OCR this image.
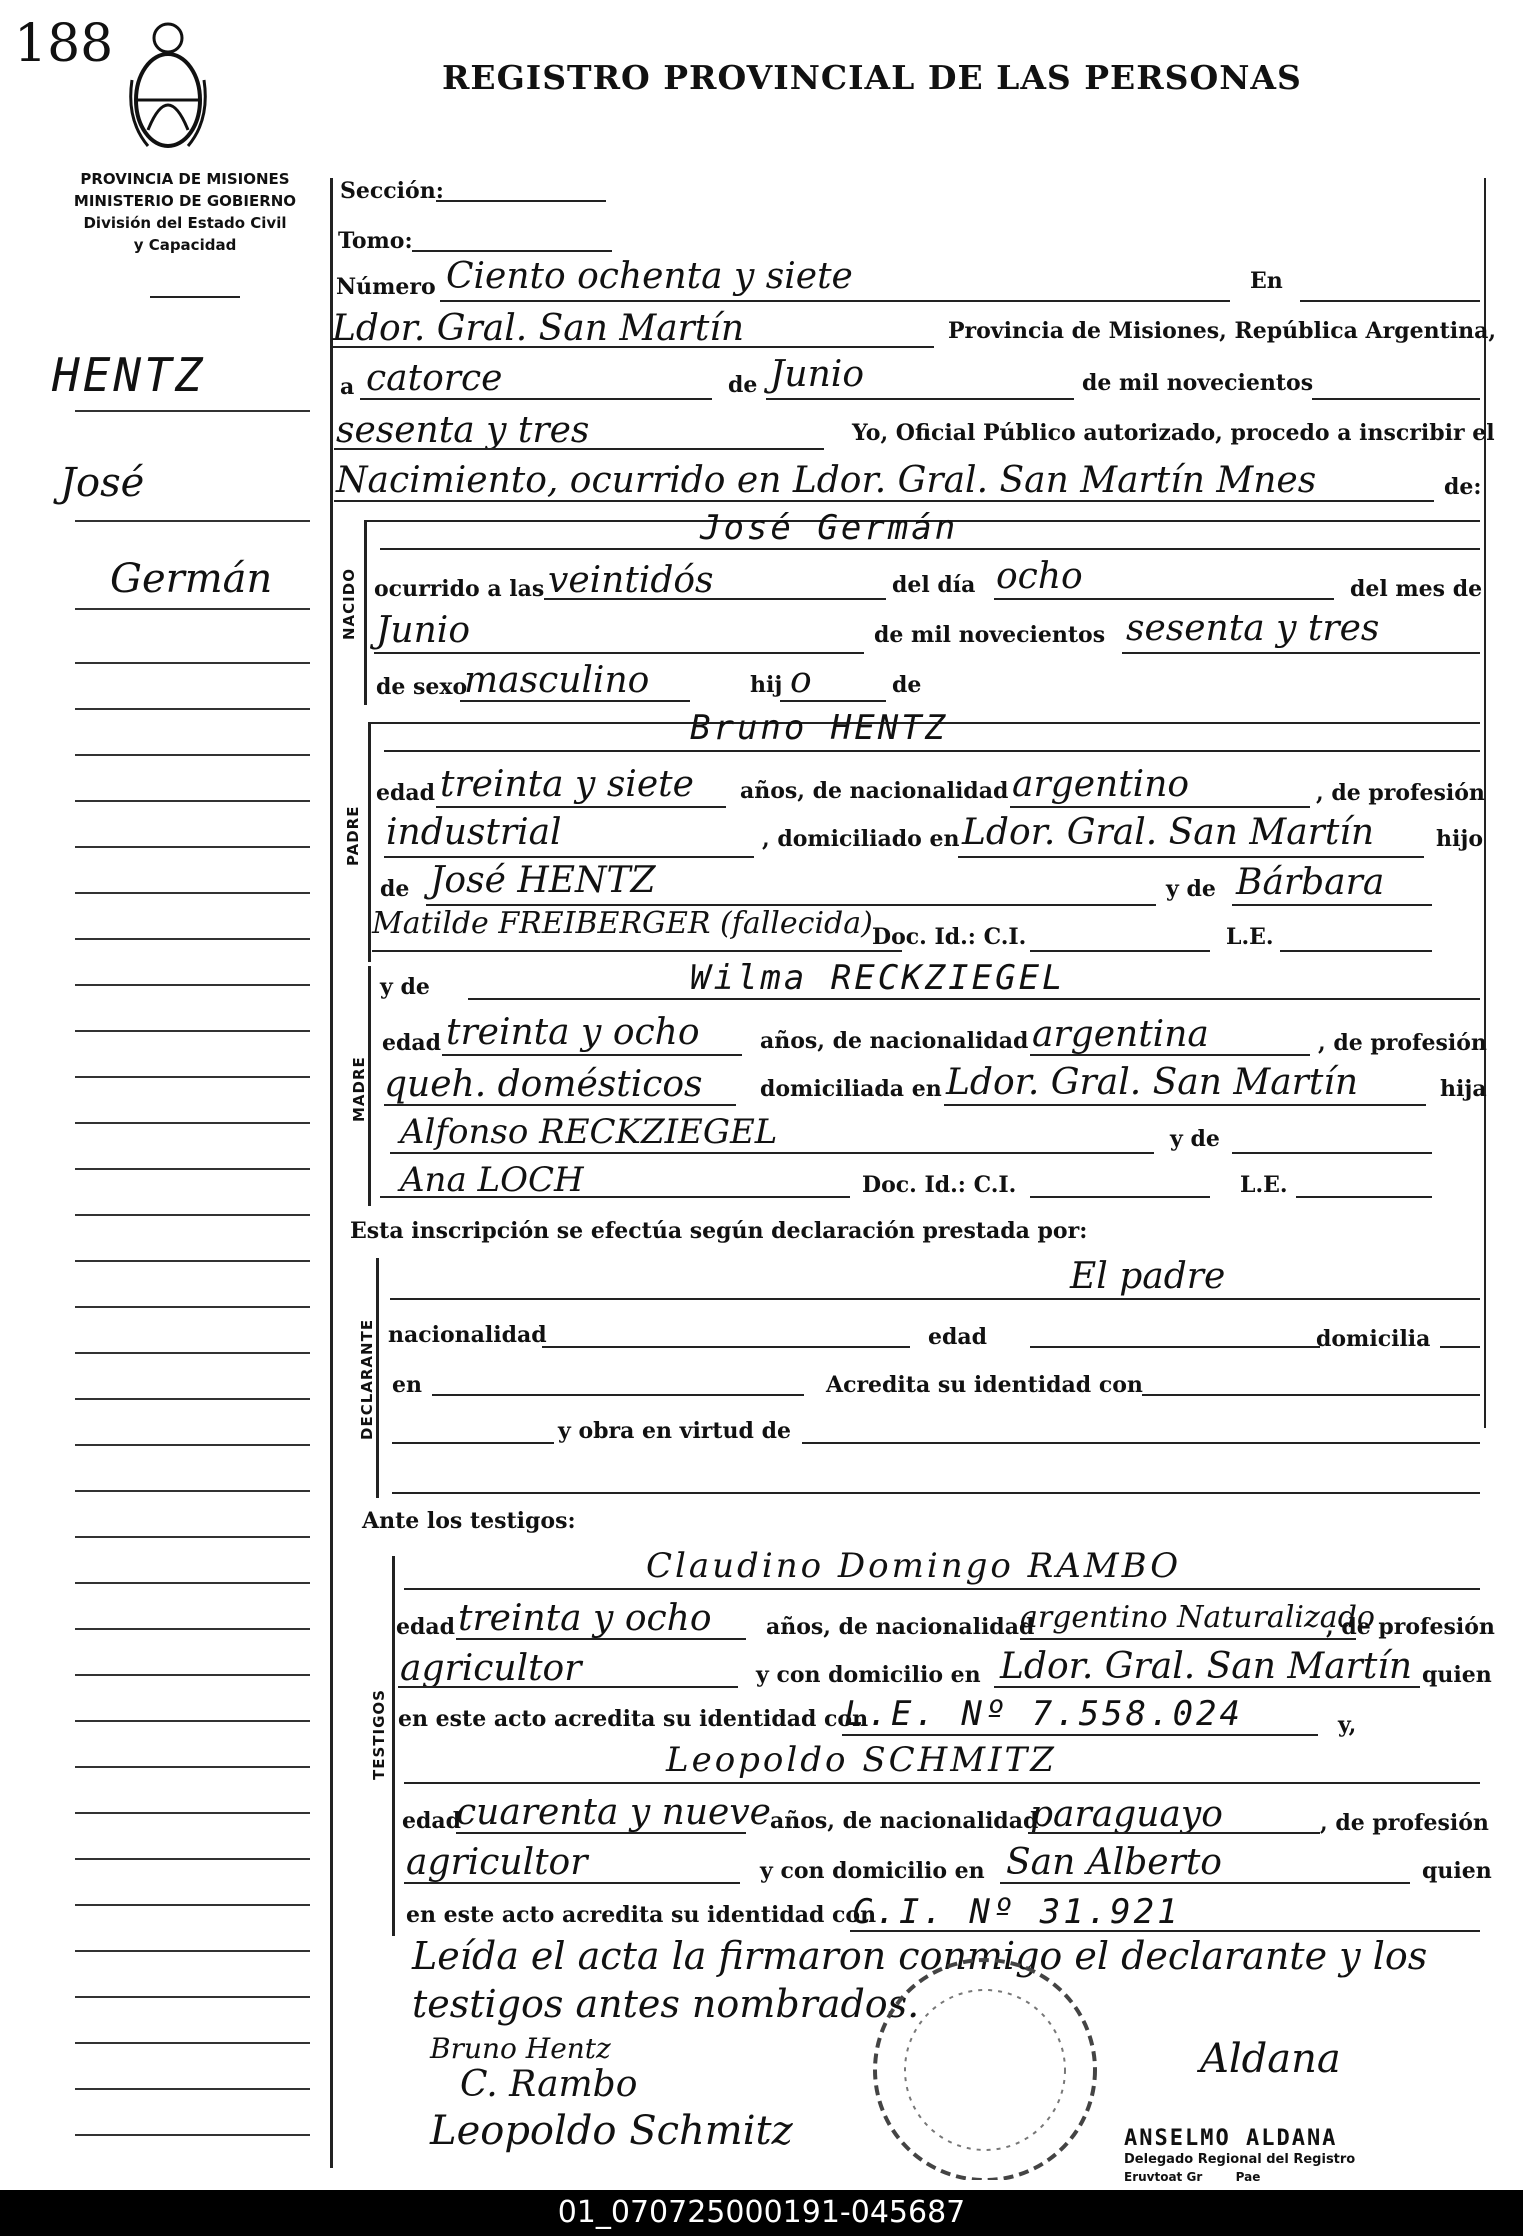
188
REGISTRO PROVINCIAL DE LAS PERSONAS
PROVINCIA DE MISIONES
MINISTERIO DE GOBIERNO
División del Estado Civil
y Capacidad
HENTZ
José
Germán
Sección:
Tomo:
Número Ciento ochenta y siete	En
Ldor. Gral. San Martín	Provincia de Misiones, República Argentina,
a catorce	de Junio	de mil novecientos
sesenta y tres	Yo, Oficial Público autorizado, procedo a inscribir el
Nacimiento, ocurrido en Ldor. Gral. San Martín Mnes	de:
NACIDO
José Germán
ocurrido a las veintidós	del día ocho	del mes de
Junio	de mil novecientos sesenta y tres
de sexo
masculino	hij o	de
PADRE
Bruno HENTZ
edad treinta y siete años, de nacionalidad argentino	, de profesión
industrial	, domiciliado en Ldor. Gral. San Martín	hijo
de José HENTZ	y de Bárbara
Matilde FREIBERGER (fallecida) Doc. Id.: C.I.	L.E.
MADRE
y de	Wilma RECKZIEGEL
edad treinta y ocho	años, de nacionalidad argentina	, de profesión
queh. domésticos	domiciliada en Ldor. Gral. San Martín	hija
Alfonso RECKZIEGEL	y de
Ana LOCH	Doc. Id.: C.I.	L.E.
Esta inscripción se efectúa según declaración prestada por:
DECLARANTE
El padre
nacionalidad	edad	domicilia
en	Acredita su identidad con
y obra en virtud de
Ante los testigos:
TESTIGOS
Claudino Domingo RAMBO
edad treinta y ocho años, de nacionalidad
argentino Naturalizado
, de profesión
agricultor	y con domicilio en Ldor. Gral. San Martín quien
en este acto acredita su identidad con
L.E. Nº 7.558.024	y,
Leopoldo SCHMITZ
edad
cuarenta y nueve años, de nacionalidad
paraguayo	, de profesión
agricultor	y con domicilio en San Alberto	quien
en este acto acredita su identidad con
C.I. Nº 31.921
Leída el acta la firmaron conmigo el declarante y los
testigos antes nombrados.
Bruno Hentz
C. Rambo
Leopoldo Schmitz
Aldana
ANSELMO ALDANA
Delegado Regional del Registro
Eruvtoat Gr        Pae
01_070725000191-045687
